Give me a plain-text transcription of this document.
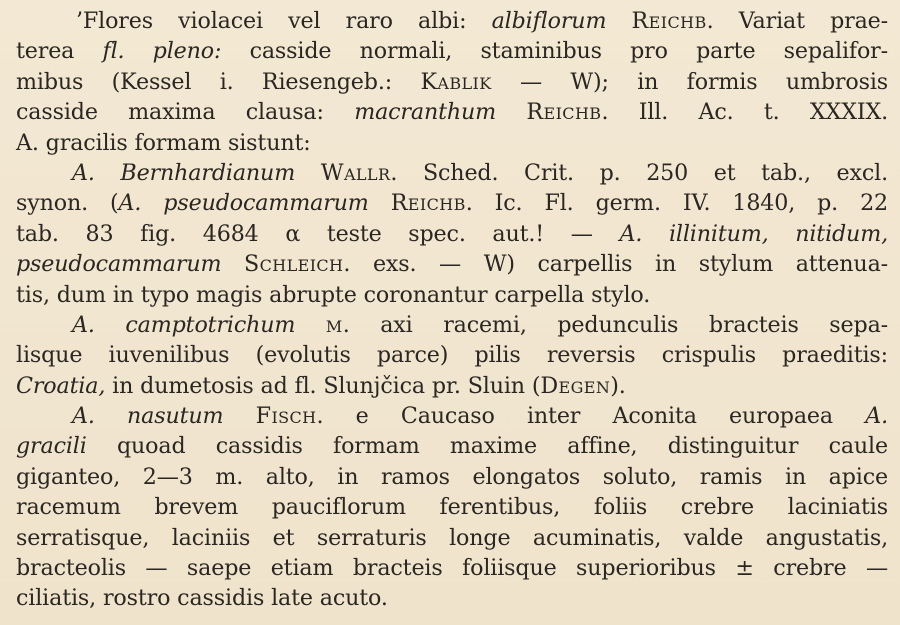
’Flores violacei vel raro albi: albiflorum Reichb. Variat prae-
terea fl. pleno: casside normali, staminibus pro parte sepalifor-
mibus (Kessel i. Riesengeb.: Kablik — W); in formis umbrosis
casside maxima clausa: macranthum Reichb. Ill. Ac. t. XXXIX.
A. gracilis formam sistunt:
A. Bernhardianum Wallr. Sched. Crit. p. 250 et tab., excl.
synon. (A. pseudocammarum Reichb. Ic. Fl. germ. IV. 1840, p. 22
tab. 83 fig. 4684 α teste spec. aut.! — A. illinitum, nitidum,
pseudocammarum Schleich. exs. — W) carpellis in stylum attenua-
tis, dum in typo magis abrupte coronantur carpella stylo.
A. camptotrichum m. axi racemi, pedunculis bracteis sepa-
lisque iuvenilibus (evolutis parce) pilis reversis crispulis praeditis:
Croatia, in dumetosis ad fl. Slunjčica pr. Sluin (Degen).
A. nasutum Fisch. e Caucaso inter Aconita europaea A.
gracili quoad cassidis formam maxime affine, distinguitur caule
giganteo, 2—3 m. alto, in ramos elongatos soluto, ramis in apice
racemum brevem pauciflorum ferentibus, foliis crebre laciniatis
serratisque, laciniis et serraturis longe acuminatis, valde angustatis,
bracteolis — saepe etiam bracteis foliisque superioribus ± crebre —
ciliatis, rostro cassidis late acuto.
